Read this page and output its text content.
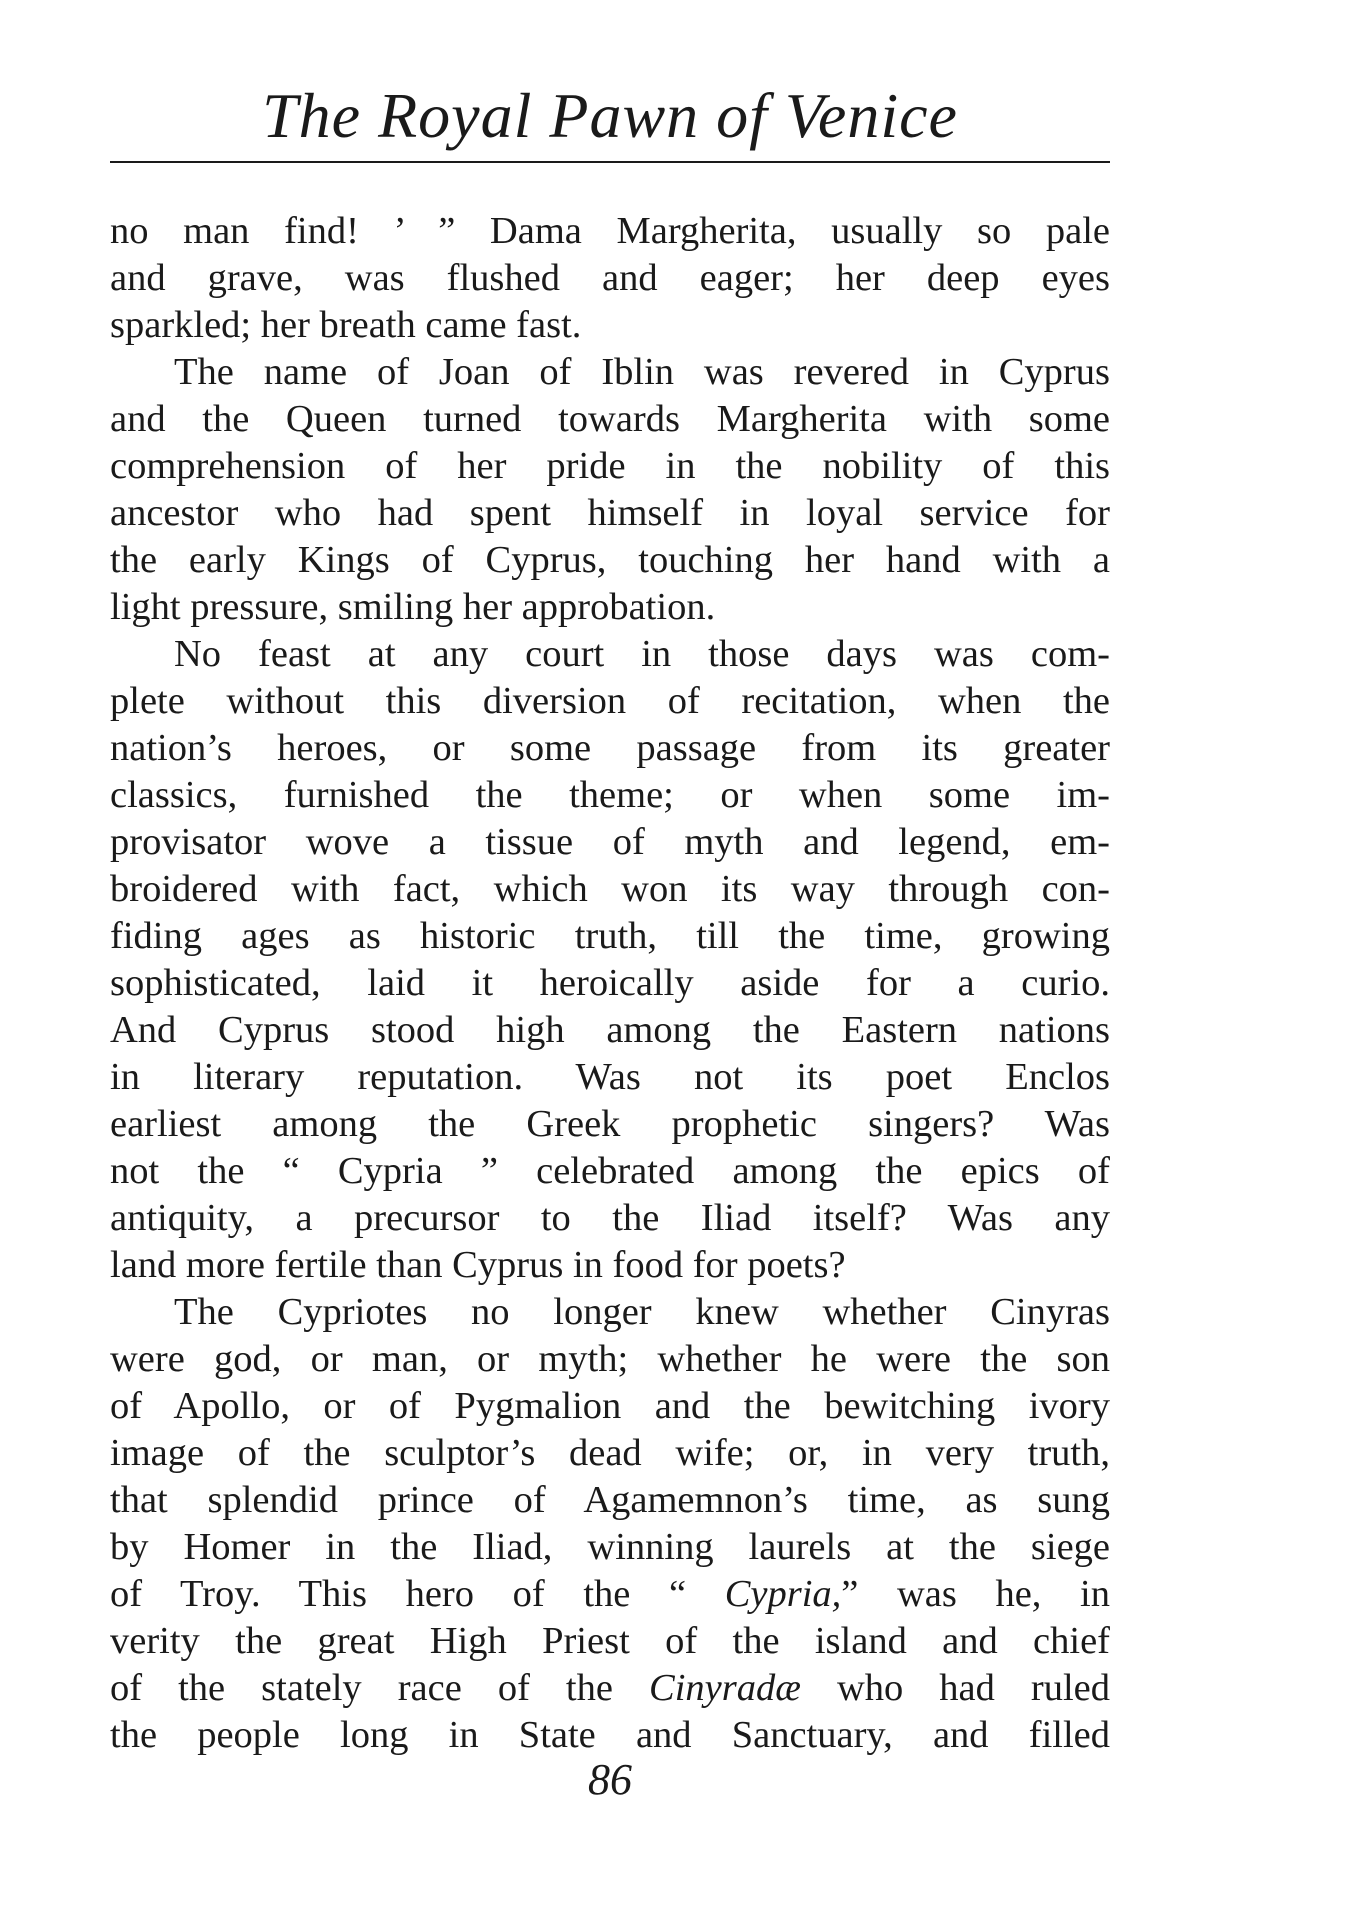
The Royal Pawn of Venice
no man find! ’ ” Dama Margherita, usually so pale
and grave, was flushed and eager; her deep eyes
sparkled; her breath came fast.
The name of Joan of Iblin was revered in Cyprus
and the Queen turned towards Margherita with some
comprehension of her pride in the nobility of this
ancestor who had spent himself in loyal service for
the early Kings of Cyprus, touching her hand with a
light pressure, smiling her approbation.
No feast at any court in those days was com-
plete without this diversion of recitation, when the
nation’s heroes, or some passage from its greater
classics, furnished the theme; or when some im-
provisator wove a tissue of myth and legend, em-
broidered with fact, which won its way through con-
fiding ages as historic truth, till the time, growing
sophisticated, laid it heroically aside for a curio.
And Cyprus stood high among the Eastern nations
in literary reputation. Was not its poet Enclos
earliest among the Greek prophetic singers? Was
not the “ Cypria ” celebrated among the epics of
antiquity, a precursor to the Iliad itself? Was any
land more fertile than Cyprus in food for poets?
The Cypriotes no longer knew whether Cinyras
were god, or man, or myth; whether he were the son
of Apollo, or of Pygmalion and the bewitching ivory
image of the sculptor’s dead wife; or, in very truth,
that splendid prince of Agamemnon’s time, as sung
by Homer in the Iliad, winning laurels at the siege
of Troy. This hero of the “ Cypria,” was he, in
verity the great High Priest of the island and chief
of the stately race of the Cinyradæ who had ruled
the people long in State and Sanctuary, and filled
86
